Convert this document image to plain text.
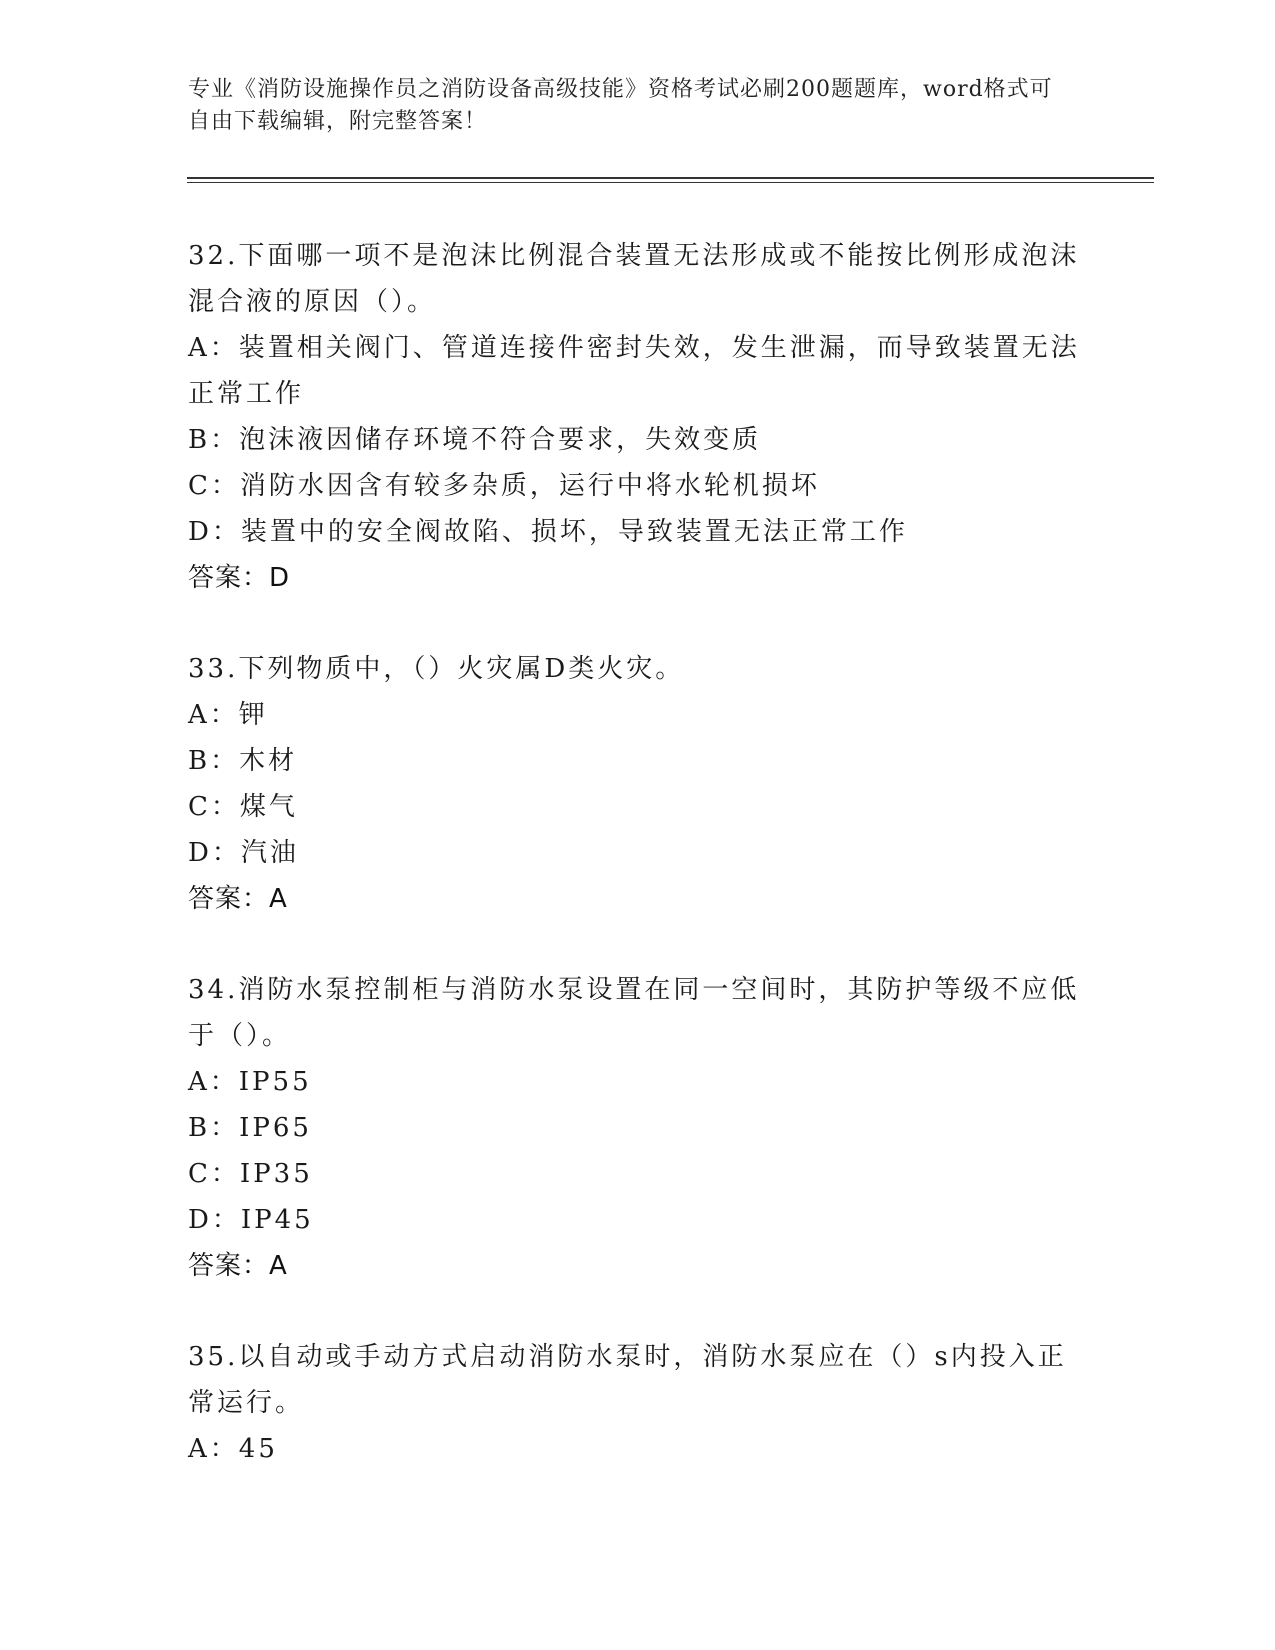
专业《消防设施操作员之消防设备高级技能》资格考试必刷200题题库，word格式可自由下载编辑，附完整答案！
32.下面哪一项不是泡沫比例混合装置无法形成或不能按比例形成泡沫混合液的原因（）。
A：装置相关阀门、管道连接件密封失效，发生泄漏，而导致装置无法正常工作
B：泡沫液因储存环境不符合要求，失效变质
C：消防水因含有较多杂质，运行中将水轮机损坏
D：装置中的安全阀故陷、损坏，导致装置无法正常工作
答案：D
33.下列物质中，（）火灾属D类火灾。
A：钾
B：木材
C：煤气
D：汽油
答案：A
34.消防水泵控制柜与消防水泵设置在同一空间时，其防护等级不应低于（）。
A：IP55
B：IP65
C：IP35
D：IP45
答案：A
35.以自动或手动方式启动消防水泵时，消防水泵应在（）s内投入正常运行。
A：45
